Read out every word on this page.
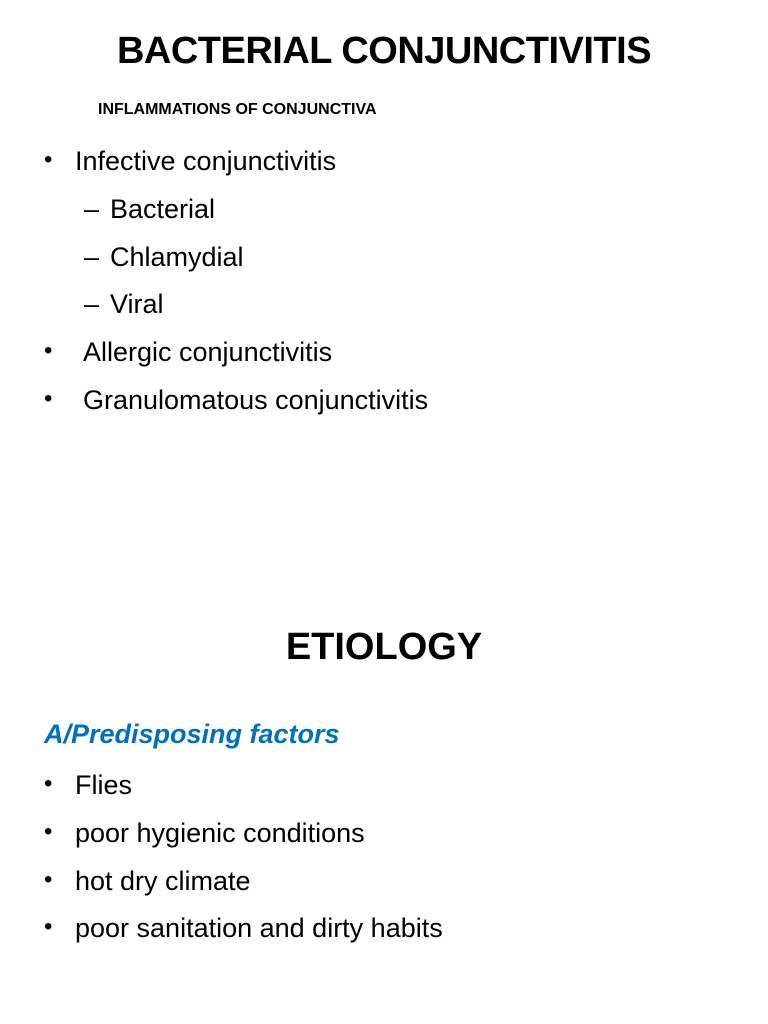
BACTERIAL CONJUNCTIVITIS
INFLAMMATIONS OF CONJUNCTIVA
• Infective conjunctivitis
– Bacterial
– Chlamydial
– Viral
• Allergic conjunctivitis
• Granulomatous conjunctivitis
ETIOLOGY
A/Predisposing factors
• Flies
• poor hygienic conditions
• hot dry climate
• poor sanitation and dirty habits
